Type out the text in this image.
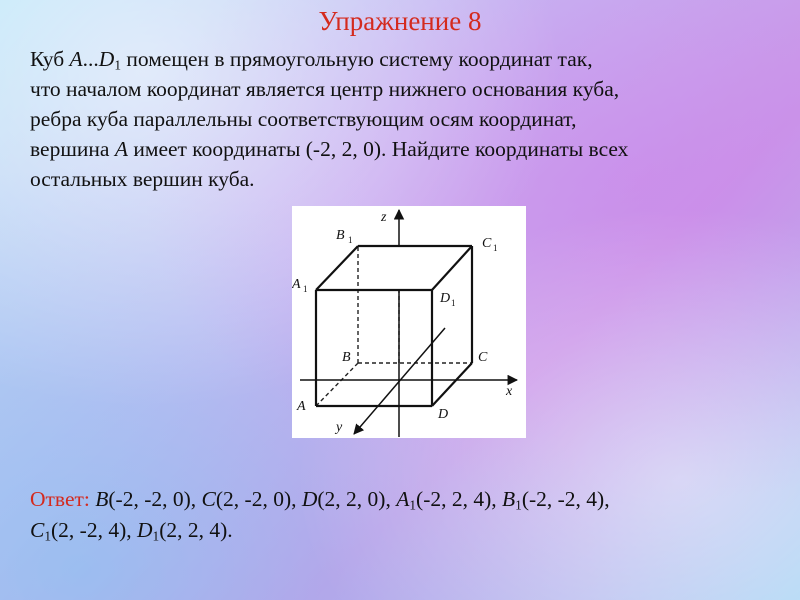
Упражнение 8
Куб $A...D_1$ помещен в прямоугольную систему координат так,
что началом координат является центр нижнего основания куба,
ребра куба параллельны соответствующим осям координат,
вершина A имеет координаты (-2, 2, 0). Найдите координаты всех
остальных вершин куба.
z
x
y
A
B	C
D
A 1
B 1	C 1
D 1
Ответ: B(-2, -2, 0), C(2, -2, 0), D(2, 2, 0), $A_1(-2$, 2, 4), $B_1(-2$, -2, 4),
$C_1(2$, -2, 4), $D_1(2$, 2, 4).
